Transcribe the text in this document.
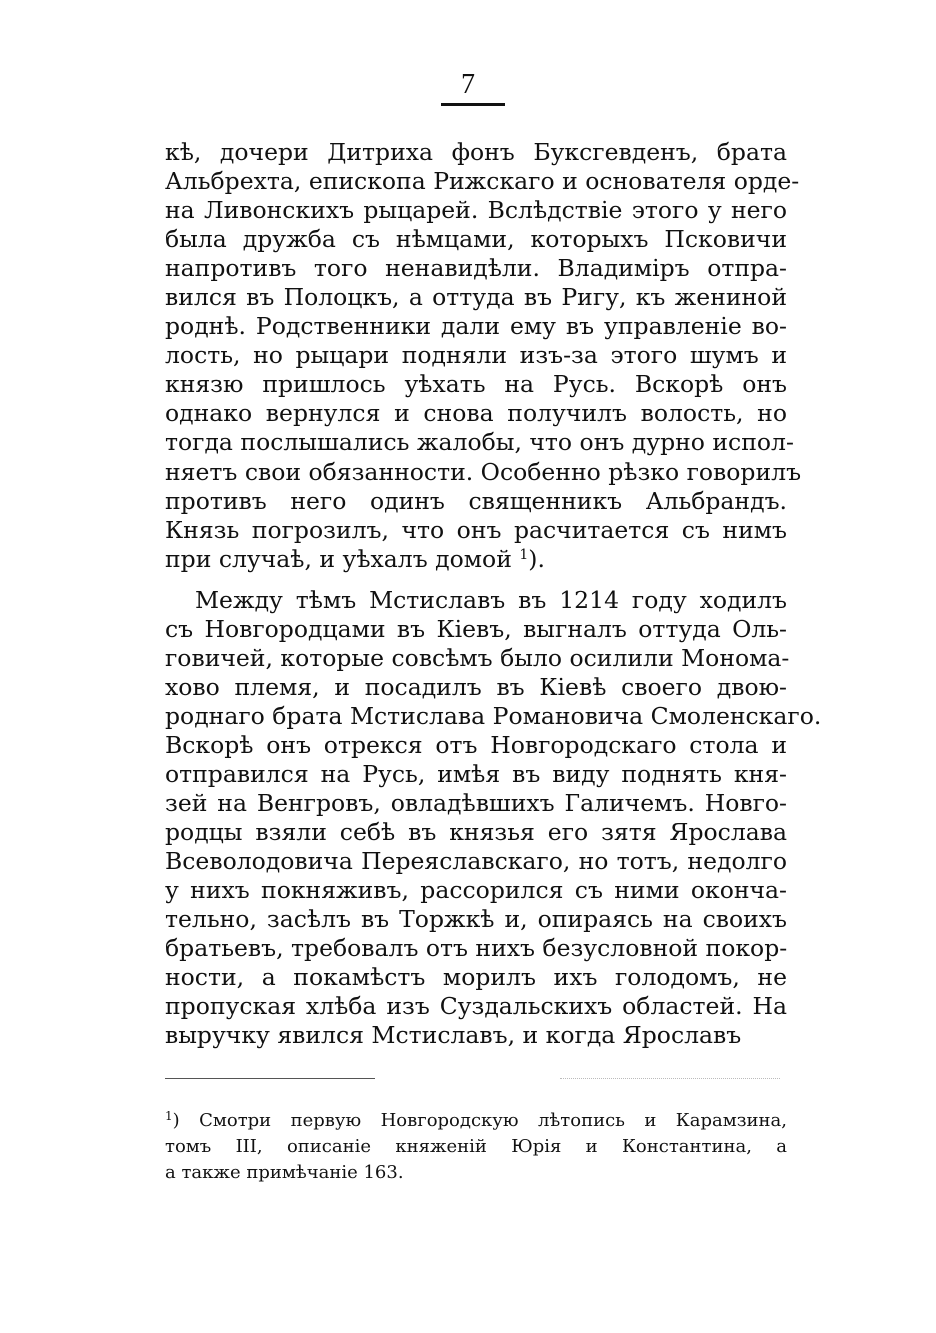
7
кѣ, дочери Дитриха фонъ Буксгевденъ, брата
Альбрехта, епископа Рижскаго и основателя орде-
на Ливонскихъ рыцарей. Вслѣдствіе этого у него
была дружба съ нѣмцами, которыхъ Псковичи
напротивъ того ненавидѣли. Владиміръ отпра-
вился въ Полоцкъ, а оттуда въ Ригу, къ жениной
роднѣ. Родственники дали ему въ управленіе во-
лость, но рыцари подняли изъ-за этого шумъ и
князю пришлось уѣхать на Русь. Вскорѣ онъ
однако вернулся и снова получилъ волость, но
тогда послышались жалобы, что онъ дурно испол-
няетъ свои обязанности. Особенно рѣзко говорилъ
противъ него одинъ священникъ Альбрандъ.
Князь погрозилъ, что онъ расчитается съ нимъ
при случаѣ, и уѣхалъ домой $^1$).
Между тѣмъ Мстиславъ въ 1214 году ходилъ
съ Новгородцами въ Кіевъ, выгналъ оттуда Оль-
говичей, которые совсѣмъ было осилили Монома-
хово племя, и посадилъ въ Кіевѣ своего двою-
роднаго брата Мстислава Романовича Смоленскаго.
Вскорѣ онъ отрекся отъ Новгородскаго стола и
отправился на Русь, имѣя въ виду поднять кня-
зей на Венгровъ, овладѣвшихъ Галичемъ. Новго-
родцы взяли себѣ въ князья его зятя Ярослава
Всеволодовича Переяславскаго, но тотъ, недолго
у нихъ покняживъ, рассорился съ ними оконча-
тельно, засѣлъ въ Торжкѣ и, опираясь на своихъ
братьевъ, требовалъ отъ нихъ безусловной покор-
ности, а покамѣстъ морилъ ихъ голодомъ, не
пропуская хлѣба изъ Суздальскихъ областей. На
выручку явился Мстиславъ, и когда Ярославъ
$^1$) Смотри первую Новгородскую лѣтопись и Карамзина,
томъ III, описаніе княженій Юрія и Константина, а
а также примѣчаніе 163.
